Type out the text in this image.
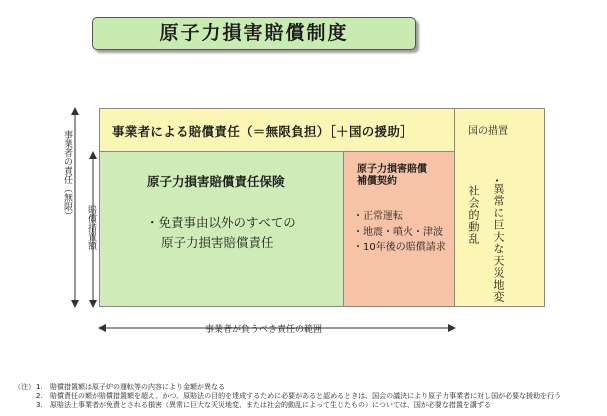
原子力損害賠償制度
事業者による賠償責任（＝無限負担）［＋国の援助］	国の措置
・
社会的動乱 異常に巨大な天災地変
原子力損害賠償責任保険
・免責事由以外のすべての
原子力損害賠償責任
原子力損害賠償
補償契約
・正常運転
・地震・噴火・津波
・10年後の賠償請求
事業者の責任（無限）
賠償措置額
事業者が負うべき責任の範囲
（注） 1.	賠償措置額は原子炉の運転等の内容により金額が異なる
2.	賠償責任の額が賠償措置額を超え、かつ、原賠法の目的を達成するために必要があると認めるときは、国会の議決により原子力事業者に対し国が必要な援助を行う
3.	原賠法上事業者が免責とされる損害（異常に巨大な天災地変、または社会的動乱によって生じたもの）については、国が必要な措置を講ずる
